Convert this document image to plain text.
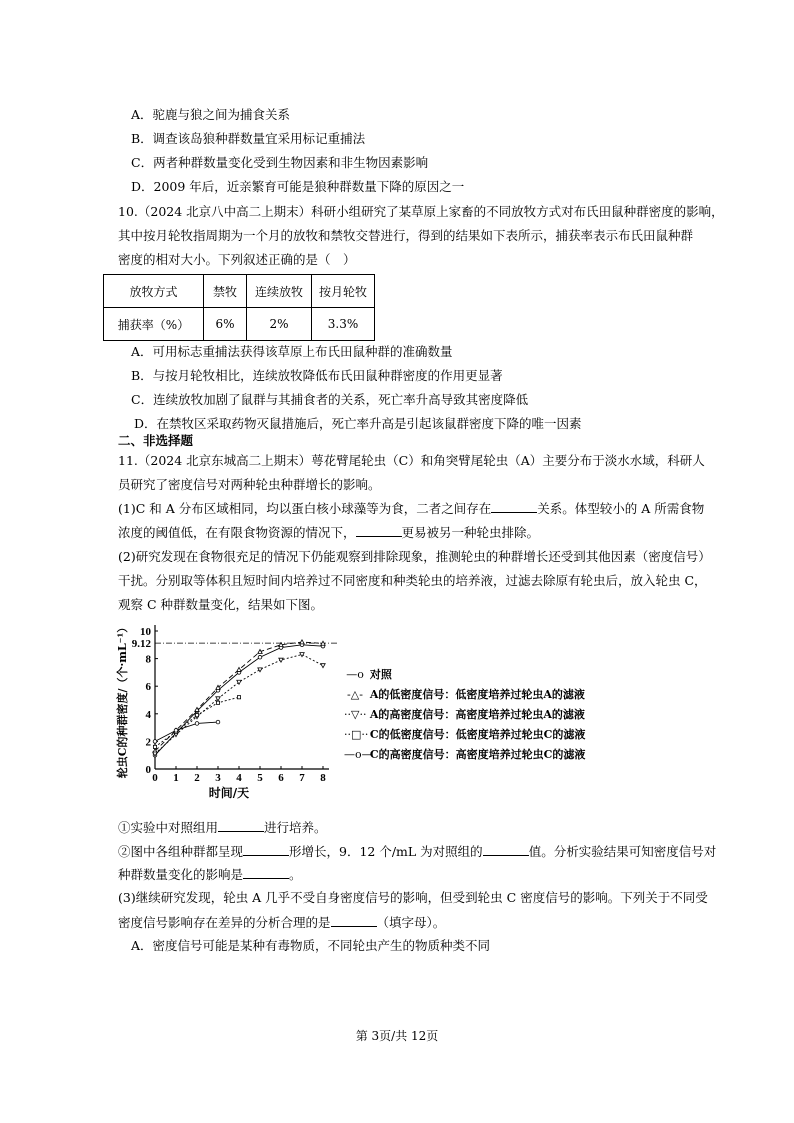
A．驼鹿与狼之间为捕食关系
B．调查该岛狼种群数量宜采用标记重捕法
C．两者种群数量变化受到生物因素和非生物因素影响
D．2009 年后，近亲繁育可能是狼种群数量下降的原因之一
10.（2024 北京八中高二上期末）科研小组研究了某草原上家畜的不同放牧方式对布氏田鼠种群密度的影响，
其中按月轮牧指周期为一个月的放牧和禁牧交替进行，得到的结果如下表所示，捕获率表示布氏田鼠种群
密度的相对大小。下列叙述正确的是（　）
放牧方式	禁牧	连续放牧	按月轮牧
捕获率（%）	6%	2%	3.3%
A．可用标志重捕法获得该草原上布氏田鼠种群的准确数量
B．与按月轮牧相比，连续放牧降低布氏田鼠种群密度的作用更显著
C．连续放牧加剧了鼠群与其捕食者的关系，死亡率升高导致其密度降低
D．在禁牧区采取药物灭鼠措施后，死亡率升高是引起该鼠群密度下降的唯一因素
二、非选择题
11.（2024 北京东城高二上期末）萼花臂尾轮虫（C）和角突臂尾轮虫（A）主要分布于淡水水域，科研人
员研究了密度信号对两种轮虫种群增长的影响。
(1)C 和 A 分布区域相同，均以蛋白核小球藻等为食，二者之间存在	关系。体型较小的 A 所需食物
浓度的阈值低，在有限食物资源的情况下，	更易被另一种轮虫排除。
(2)研究发现在食物很充足的情况下仍能观察到排除现象，推测轮虫的种群增长还受到其他因素（密度信号）
干扰。分别取等体积且短时间内培养过不同密度和种类轮虫的培养液，过滤去除原有轮虫后，放入轮虫 C，
观察 C 种群数量变化，结果如下图。
0 1 2 3 4 5 6 7 8
0
2
4
6
8
10
9.12
时间/天
轮虫C的种群密度/（个·mL⁻¹）	—ο 对照
-△- A的低密度信号：低密度培养过轮虫A的滤液
··▽·· A的高密度信号：高密度培养过轮虫A的滤液
··□·· C的低密度信号：低密度培养过轮虫C的滤液
—ο— C的高密度信号：高密度培养过轮虫C的滤液
①实验中对照组用	进行培养。
②图中各组种群都呈现	形增长，9．12 个/mL 为对照组的	值。分析实验结果可知密度信号对
种群数量变化的影响是	。
(3)继续研究发现，轮虫 A 几乎不受自身密度信号的影响，但受到轮虫 C 密度信号的影响。下列关于不同受
密度信号影响存在差异的分析合理的是	（填字母）。
A．密度信号可能是某种有毒物质，不同轮虫产生的物质种类不同
第 3页/共 12页
